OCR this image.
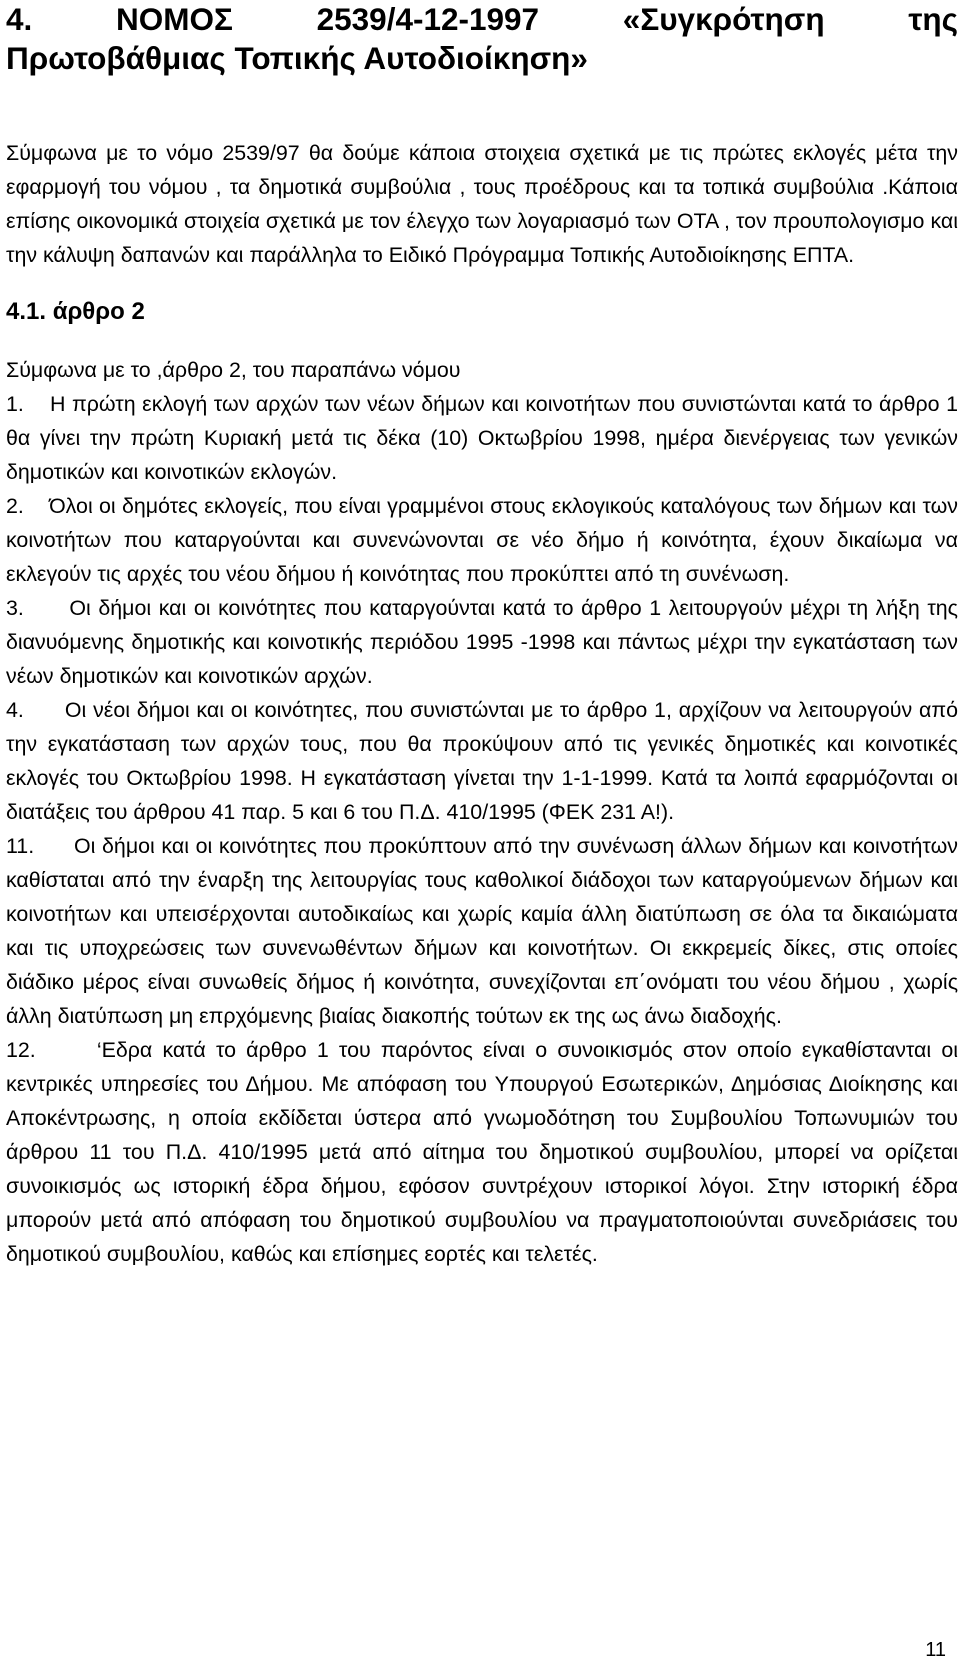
4. ΝΟΜΟΣ 2539/4-12-1997 «Συγκρότηση της
Πρωτοβάθμιας Τοπικής Αυτοδιοίκηση»

Σύμφωνα με το νόμο 2539/97 θα δούμε κάποια στοιχεια σχετικά με τις πρώτες εκλογές μέτα την εφαρμογή του νόμου , τα δημοτικά συμβούλια , τους προέδρους και τα τοπικά συμβούλια .Κάποια επίσης οικονομικά στοιχεία σχετικά με τον έλεγχο των λογαριασμό των ΟΤΑ , τον προυπολογισμο και την κάλυψη δαπανών και παράλληλα το Ειδικό Πρόγραμμα Τοπικής Αυτοδιοίκησης ΕΠΤΑ.

4.1. άρθρο 2

Σύμφωνα με το ,άρθρο 2, του παραπάνω νόμου

1. Η πρώτη εκλογή των αρχών των νέων δήμων και κοινοτήτων που συνιστώνται κατά το άρθρο 1 θα γίνει την πρώτη Κυριακή μετά τις δέκα (10) Οκτωβρίου 1998, ημέρα διενέργειας των γενικών δημοτικών και κοινοτικών εκλογών.

2. Όλοι οι δημότες εκλογείς, που είναι γραμμένοι στους εκλογικούς καταλόγους των δήμων και των κοινοτήτων που καταργούνται και συνενώνονται σε νέο δήμο ή κοινότητα, έχουν δικαίωμα να εκλεγούν τις αρχές του νέου δήμου ή κοινότητας που προκύπτει από τη συνένωση.

3. Οι δήμοι και οι κοινότητες που καταργούνται κατά το άρθρο 1 λειτουργούν μέχρι τη λήξη της διανυόμενης δημοτικής και κοινοτικής περιόδου 1995 -1998 και πάντως μέχρι την εγκατάσταση των νέων δημοτικών και κοινοτικών αρχών.

4. Οι νέοι δήμοι και οι κοινότητες, που συνιστώνται με το άρθρο 1, αρχίζουν να λειτουργούν από την εγκατάσταση των αρχών τους, που θα προκύψουν από τις γενικές δημοτικές και κοινοτικές εκλογές του Οκτωβρίου 1998. Η εγκατάσταση γίνεται την 1-1-1999. Κατά τα λοιπά εφαρμόζονται οι διατάξεις του άρθρου 41 παρ. 5 και 6 του Π.Δ. 410/1995 (ΦΕΚ 231 Α!).

11. Οι δήμοι και οι κοινότητες που προκύπτουν από την συνένωση άλλων δήμων και κοινοτήτων καθίσταται από την έναρξη της λειτουργίας τους καθολικοί διάδοχοι των καταργούμενων δήμων και κοινοτήτων και υπεισέρχονται αυτοδικαίως και χωρίς καμία άλλη διατύπωση σε όλα τα δικαιώματα και τις υποχρεώσεις των συνενωθέντων δήμων και κοινοτήτων. Οι εκκρεμείς δίκες, στις οποίες διάδικο μέρος είναι συνωθείς δήμος ή κοινότητα, συνεχίζονται επ΄ονόματι του νέου δήμου , χωρίς άλλη διατύπωση μη επρχόμενης βιαίας διακοπής τούτων εκ της ως άνω διαδοχής.

12.	‘Εδρα κατά το άρθρο 1 του παρόντος είναι ο συνοικισμός στον οποίο εγκαθίστανται οι κεντρικές υπηρεσίες του Δήμου. Με απόφαση του Υπουργού Εσωτερικών, Δημόσιας Διοίκησης και Αποκέντρωσης, η οποία εκδίδεται ύστερα από γνωμοδότηση του Συμβουλίου Τοπωνυμιών του άρθρου 11 του Π.Δ. 410/1995 μετά από αίτημα του δημοτικού συμβουλίου, μπορεί να ορίζεται συνοικισμός ως ιστορική έδρα δήμου, εφόσον συντρέχουν ιστορικοί λόγοι. Στην ιστορική έδρα μπορούν μετά από απόφαση του δημοτικού συμβουλίου να πραγματοποιούνται συνεδριάσεις του δημοτικού συμβουλίου, καθώς και επίσημες εορτές και τελετές.

11
